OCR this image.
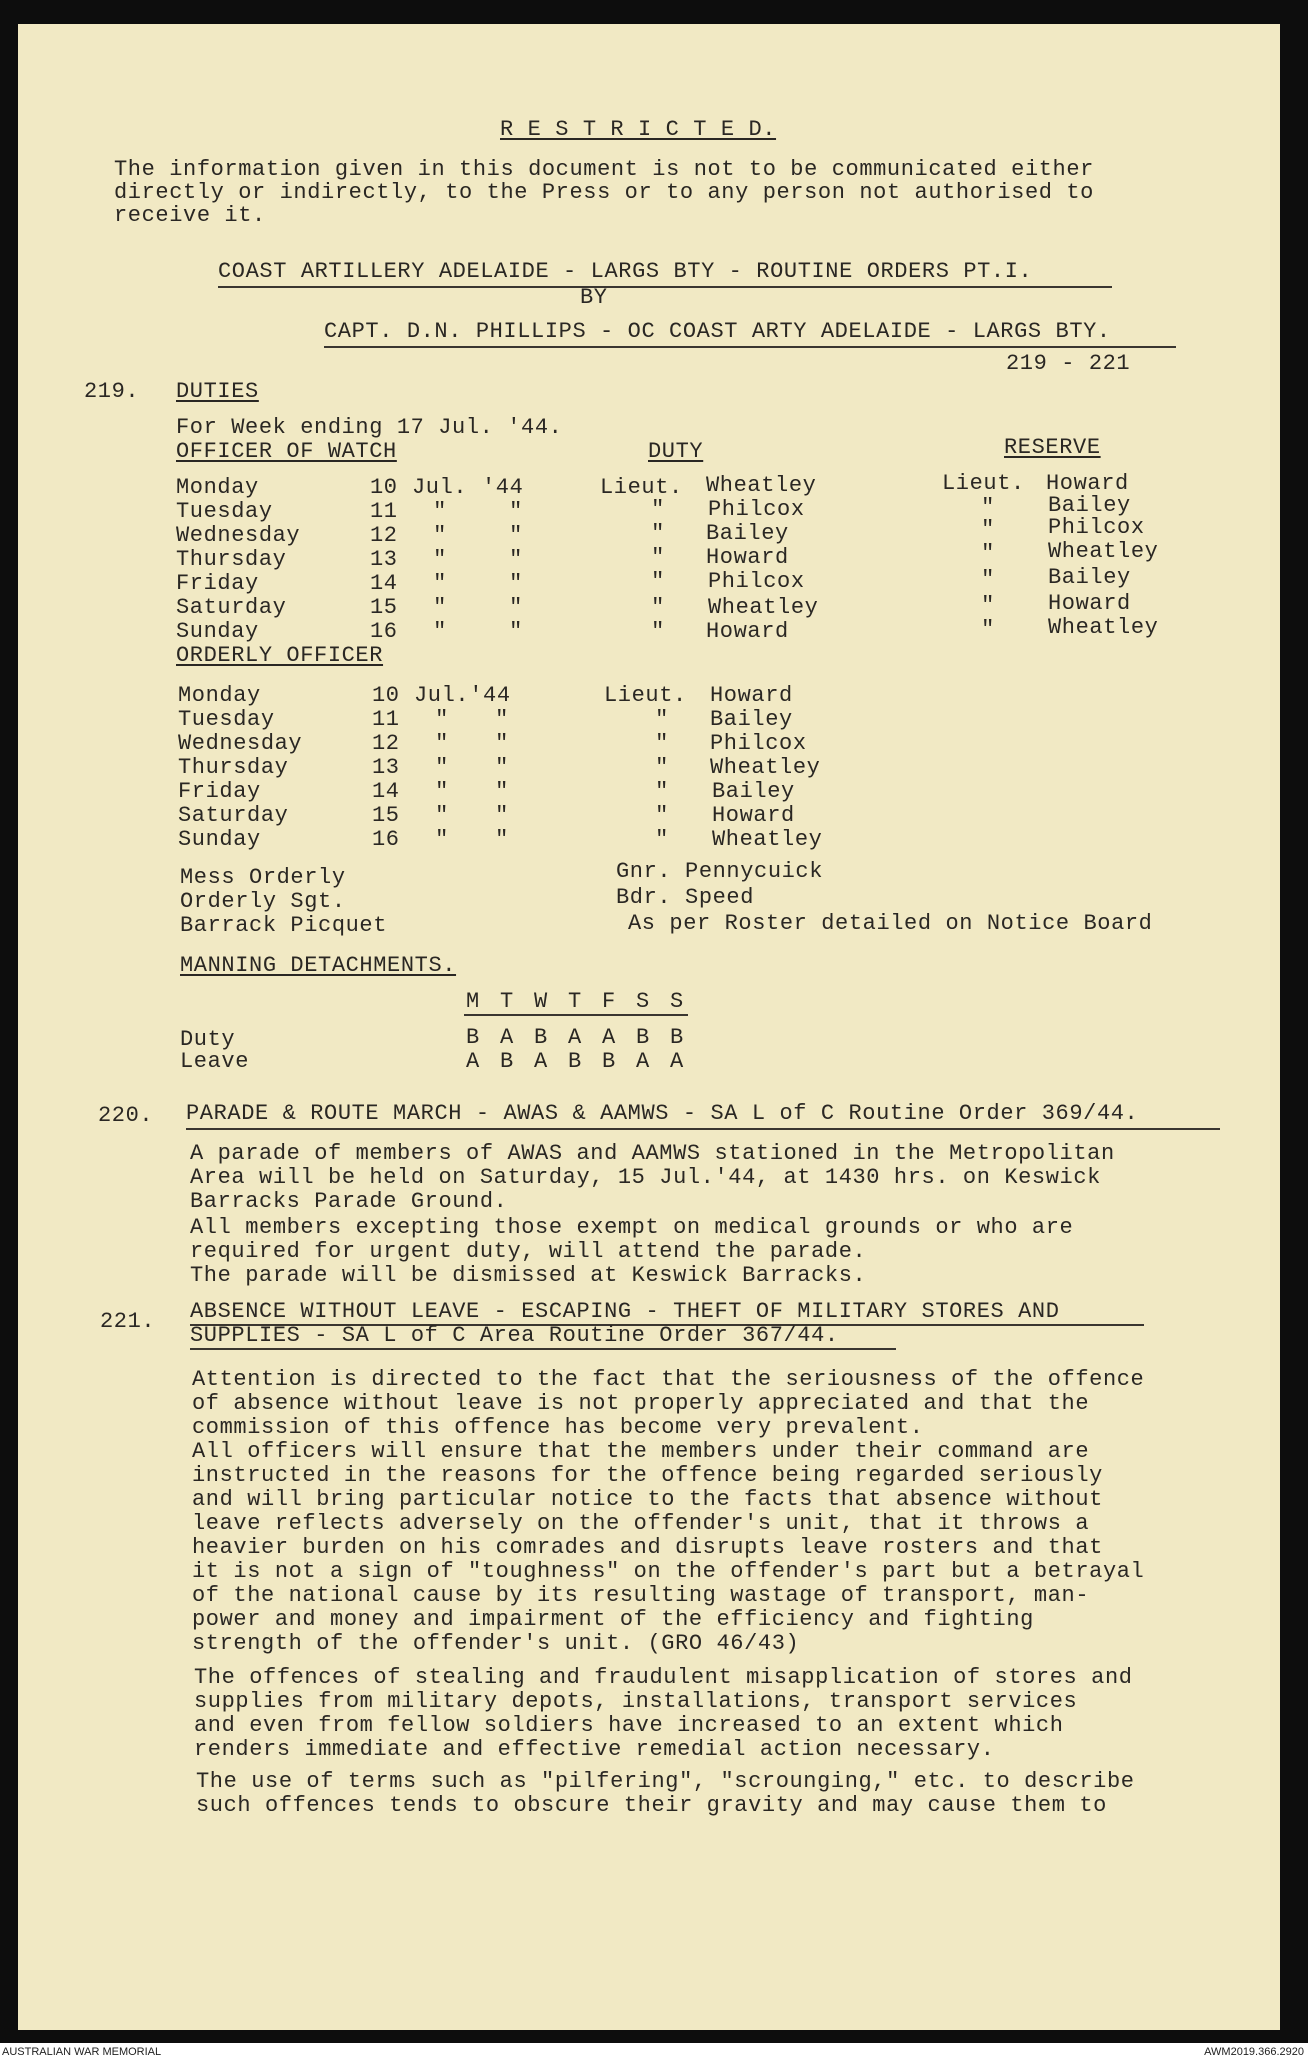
R E S T R I C T E D.
The information given in this document is not to be communicated either
directly or indirectly, to the Press or to any person not authorised to
receive it.
COAST ARTILLERY ADELAIDE - LARGS BTY - ROUTINE ORDERS PT.I.
BY
CAPT. D.N. PHILLIPS - OC COAST ARTY ADELAIDE - LARGS BTY.
219 - 221
219. DUTIES
For Week ending 17 Jul. '44.
OFFICER OF WATCH	DUTY	RESERVE
Monday	10 Jul. '44	Lieut. Wheatley	Lieut. Howard
Tuesday	11 "	"	" Philcox	" Bailey
Wednesday	12 "	"	" Bailey	" Philcox
Thursday	13 "	"	" Howard	" Wheatley
Friday	14 "	"	" Philcox	" Bailey
Saturday	15 "	"	" Wheatley	" Howard
Sunday	16 "	"	" Howard	" Wheatley
ORDERLY OFFICER
Monday	10 Jul.'44	Lieut. Howard
Tuesday	11 " "	" Bailey
Wednesday	12 " "	" Philcox
Thursday	13 " "	" Wheatley
Friday	14 " "	" Bailey
Saturday	15 " "	" Howard
Sunday	16 " "	" Wheatley
Mess Orderly	Gnr. Pennycuick
Orderly Sgt.	Bdr. Speed
Barrack Picquet	As per Roster detailed on Notice Board
MANNING DETACHMENTS.
M T W T F S S
Duty	B A B A A B B
Leave	A B A B B A A
220. PARADE & ROUTE MARCH - AWAS & AAMWS - SA L of C Routine Order 369/44.
A parade of members of AWAS and AAMWS stationed in the Metropolitan
Area will be held on Saturday, 15 Jul.'44, at 1430 hrs. on Keswick
Barracks Parade Ground.
All members excepting those exempt on medical grounds or who are
required for urgent duty, will attend the parade.
The parade will be dismissed at Keswick Barracks.
221. ABSENCE WITHOUT LEAVE - ESCAPING - THEFT OF MILITARY STORES AND
SUPPLIES - SA L of C Area Routine Order 367/44.
Attention is directed to the fact that the seriousness of the offence
of absence without leave is not properly appreciated and that the
commission of this offence has become very prevalent.
All officers will ensure that the members under their command are
instructed in the reasons for the offence being regarded seriously
and will bring particular notice to the facts that absence without
leave reflects adversely on the offender's unit, that it throws a
heavier burden on his comrades and disrupts leave rosters and that
it is not a sign of "toughness" on the offender's part but a betrayal
of the national cause by its resulting wastage of transport, man-
power and money and impairment of the efficiency and fighting
strength of the offender's unit. (GRO 46/43)
The offences of stealing and fraudulent misapplication of stores and
supplies from military depots, installations, transport services
and even from fellow soldiers have increased to an extent which
renders immediate and effective remedial action necessary.
The use of terms such as "pilfering", "scrounging," etc. to describe
such offences tends to obscure their gravity and may cause them to
AUSTRALIAN WAR MEMORIAL	AWM2019.366.2920
